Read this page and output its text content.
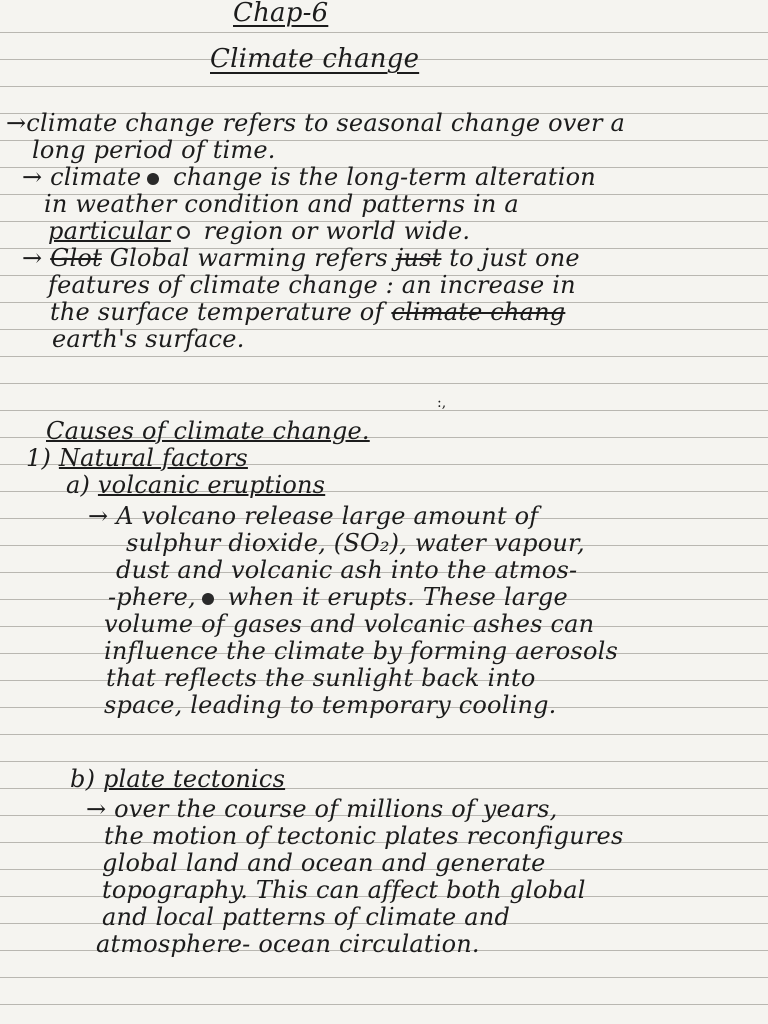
Chap-6
Climate change
→climate change refers to seasonal change over a
long period of time.
→ climate change is the long-term alteration
in weather condition and patterns in a
particular ○ region or world wide.
→ Glot Global warming refers just to just one
features of climate change : an increase in
the surface temperature of climate chang
earth's surface.
:,
Causes of climate change.
1) Natural factors
a) volcanic eruptions
→ A volcano release large amount of
sulphur dioxide, (SO₂), water vapour,
dust and volcanic ash into the atmos-
-phere, when it erupts. These large
volume of gases and volcanic ashes can
influence the climate by forming aerosols
that reflects the sunlight back into
space, leading to temporary cooling.
b) plate tectonics
→ over the course of millions of years,
the motion of tectonic plates reconfigures
global land and ocean and generate
topography. This can affect both global
and local patterns of climate and
atmosphere- ocean circulation.
